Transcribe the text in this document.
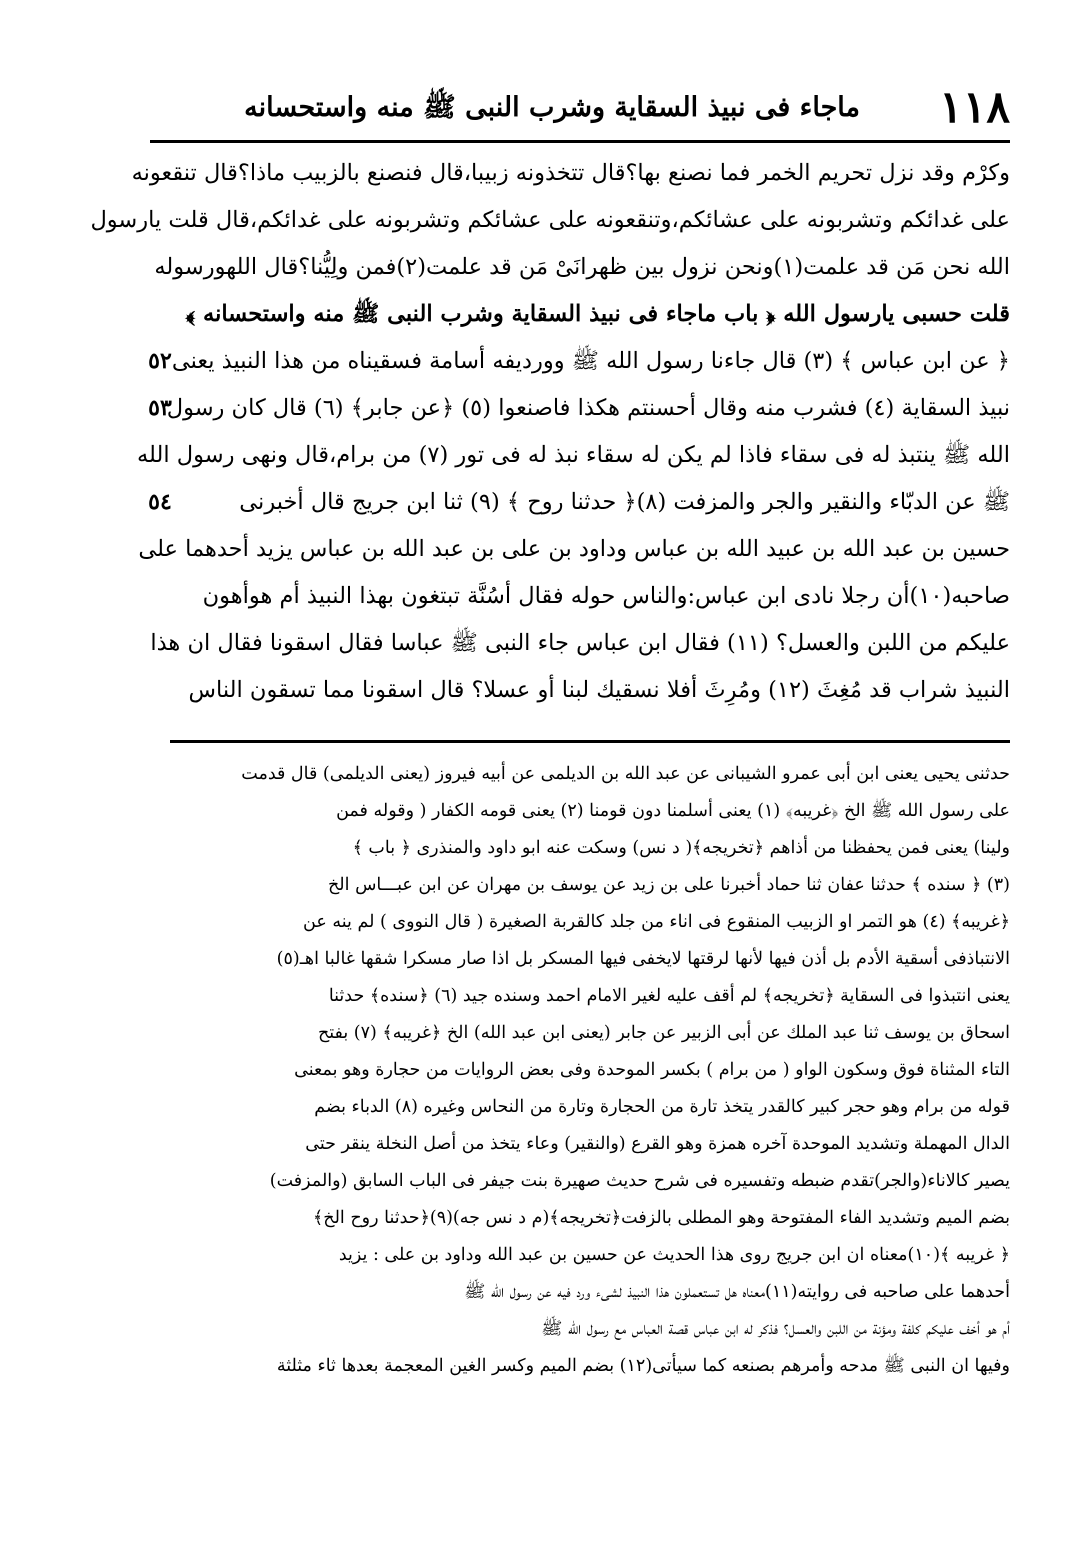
١١٨
ماجاء فى نبيذ السقاية وشرب النبى ﷺ منه واستحسانه
وكرْم وقد نزل تحريم الخمر فما نصنع بها؟قال تتخذونه زبيبا،قال فنصنع بالزبيب ماذا؟قال تنقعونه
على غدائكم وتشربونه على عشائكم،وتنقعونه على عشائكم وتشربونه على غدائكم،قال قلت يارسول
الله نحن مَن قد علمت(١)ونحن نزول بين ظهرانَىْ مَن قد علمت(٢)فمن ولِيُّنا؟قال اللهورسوله
قلت حسبى يارسول الله ﴿ باب ماجاء فى نبيذ السقاية وشرب النبى ﷺ منه واستحسانه ﴾
﴿ عن ابن عباس ﴾ (٣) قال جاءنا رسول الله ﷺ وورديفه أسامة فسقيناه من هذا النبيذ يعنى
نبيذ السقاية (٤) فشرب منه وقال أحسنتم هكذا فاصنعوا (٥) ﴿عن جابر﴾ (٦) قال كان رسول
الله ﷺ ينتبذ له فى سقاء فاذا لم يكن له سقاء نبذ له فى تور (٧) من برام،قال ونهى رسول الله
ﷺ عن الدبّاء والنقير والجر والمزفت (٨)﴿ حدثنا روح ﴾ (٩) ثنا ابن جريج قال أخبرنى
حسين بن عبد الله بن عبيد الله بن عباس وداود بن على بن عبد الله بن عباس يزيد أحدهما على
صاحبه(١٠)أن رجلا نادى ابن عباس:والناس حوله فقال أسُنَّة تبتغون بهذا النبيذ أم هوأهون
عليكم من اللبن والعسل؟ (١١) فقال ابن عباس جاء النبى ﷺ عباسا فقال اسقونا فقال ان هذا
النبيذ شراب قد مُغِثَ (١٢) ومُرِثَ أفلا نسقيك لبنا أو عسلا؟ قال اسقونا مما تسقون الناس
٥٢
٥٣
٥٤
حدثنى يحيى يعنى ابن أبى عمرو الشيبانى عن عبد الله بن الديلمى عن أبيه فيروز (يعنى الديلمى) قال قدمت
على رسول الله ﷺ الخ ﴿غريبه﴾ (١) يعنى أسلمنا دون قومنا (٢) يعنى قومه الكفار ( وقوله فمن
ولينا) يعنى فمن يحفظنا من أذاهم ﴿تخريجه﴾( د نس) وسكت عنه ابو داود والمنذرى ﴿ باب ﴾
(٣) ﴿ سنده ﴾ حدثنا عفان ثنا حماد أخبرنا على بن زيد عن يوسف بن مهران عن ابن عبـــاس الخ
﴿غريبه﴾ (٤) هو التمر او الزبيب المنقوع فى اناء من جلد كالقربة الصغيرة ( قال النووى ) لم ينه عن
الانتباذفى أسقية الأدم بل أذن فيها لأنها لرقتها لايخفى فيها المسكر بل اذا صار مسكرا شقها غالبا اهـ(٥)
يعنى انتبذوا فى السقاية ﴿تخريجه﴾ لم أقف عليه لغير الامام احمد وسنده جيد (٦) ﴿سنده﴾ حدثنا
اسحاق بن يوسف ثنا عبد الملك عن أبى الزبير عن جابر (يعنى ابن عبد الله) الخ ﴿غريبه﴾ (٧) بفتح
التاء المثناة فوق وسكون الواو ( من برام ) بكسر الموحدة وفى بعض الروايات من حجارة وهو بمعنى
قوله من برام وهو حجر كبير كالقدر يتخذ تارة من الحجارة وتارة من النحاس وغيره (٨) الدباء بضم
الدال المهملة وتشديد الموحدة آخره همزة وهو القرع (والنقير) وعاء يتخذ من أصل النخلة ينقر حتى
يصير كالاناء(والجر)تقدم ضبطه وتفسيره فى شرح حديث صهيرة بنت جيفر فى الباب السابق (والمزفت)
بضم الميم وتشديد الفاء المفتوحة وهو المطلى بالزفت﴿تخريجه﴾(م د نس جه)(٩)﴿حدثنا روح الخ﴾
﴿ غريبه ﴾(١٠)معناه ان ابن جريج روى هذا الحديث عن حسين بن عبد الله وداود بن على : يزيد
أحدهما على صاحبه فى روايته(١١)معناه هل تستعملون هذا النبيذ لشىء ورد فيه عن رسول الله ﷺ
أم هو أخف عليكم كلفة ومؤنة من اللبن والعسل؟ فذكر له ابن عباس قصة العباس مع رسول الله ﷺ
وفيها ان النبى ﷺ مدحه وأمرهم بصنعه كما سيأتى(١٢) بضم الميم وكسر الغين المعجمة بعدها ثاء مثلثة
